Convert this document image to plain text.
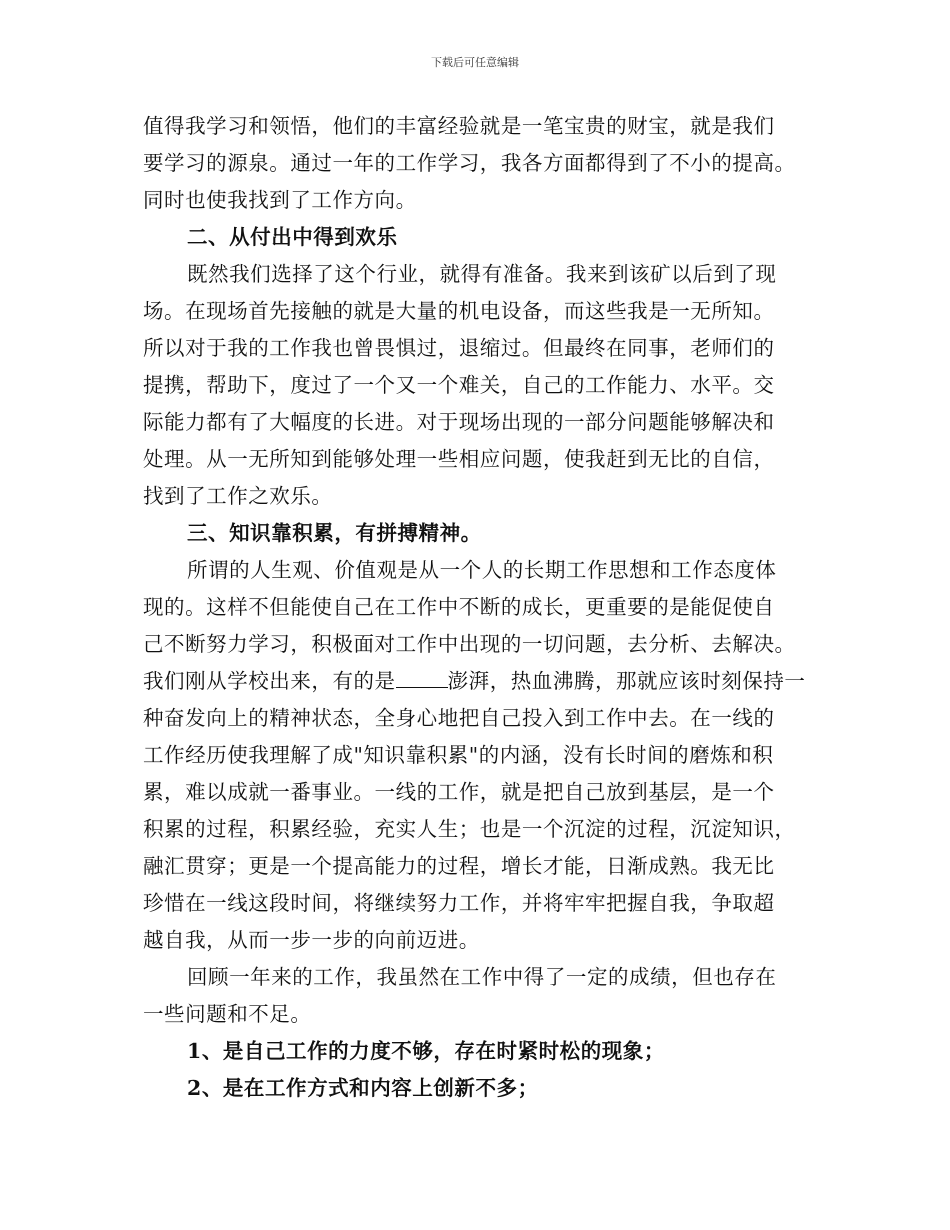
下载后可任意编辑
值得我学习和领悟，他们的丰富经验就是一笔宝贵的财宝，就是我们
要学习的源泉。通过一年的工作学习，我各方面都得到了不小的提高。
同时也使我找到了工作方向。
二、从付出中得到欢乐
既然我们选择了这个行业，就得有准备。我来到该矿以后到了现
场。在现场首先接触的就是大量的机电设备，而这些我是一无所知。
所以对于我的工作我也曾畏惧过，退缩过。但最终在同事，老师们的
提携，帮助下，度过了一个又一个难关，自己的工作能力、水平。交
际能力都有了大幅度的长进。对于现场出现的一部分问题能够解决和
处理。从一无所知到能够处理一些相应问题，使我赶到无比的自信，
找到了工作之欢乐。
三、知识靠积累，有拼搏精神。
所谓的人生观、价值观是从一个人的长期工作思想和工作态度体
现的。这样不但能使自己在工作中不断的成长，更重要的是能促使自
己不断努力学习，积极面对工作中出现的一切问题，去分析、去解决。
我们刚从学校出来，有的是	澎湃，热血沸腾，那就应该时刻保持一
种奋发向上的精神状态，全身心地把自己投入到工作中去。在一线的
工作经历使我理解了成"知识靠积累"的内涵，没有长时间的磨炼和积
累，难以成就一番事业。一线的工作，就是把自己放到基层，是一个
积累的过程，积累经验，充实人生；也是一个沉淀的过程，沉淀知识，
融汇贯穿；更是一个提高能力的过程，增长才能，日渐成熟。我无比
珍惜在一线这段时间，将继续努力工作，并将牢牢把握自我，争取超
越自我，从而一步一步的向前迈进。
回顾一年来的工作，我虽然在工作中得了一定的成绩，但也存在
一些问题和不足。
1、是自己工作的力度不够，存在时紧时松的现象；
2、是在工作方式和内容上创新不多；
